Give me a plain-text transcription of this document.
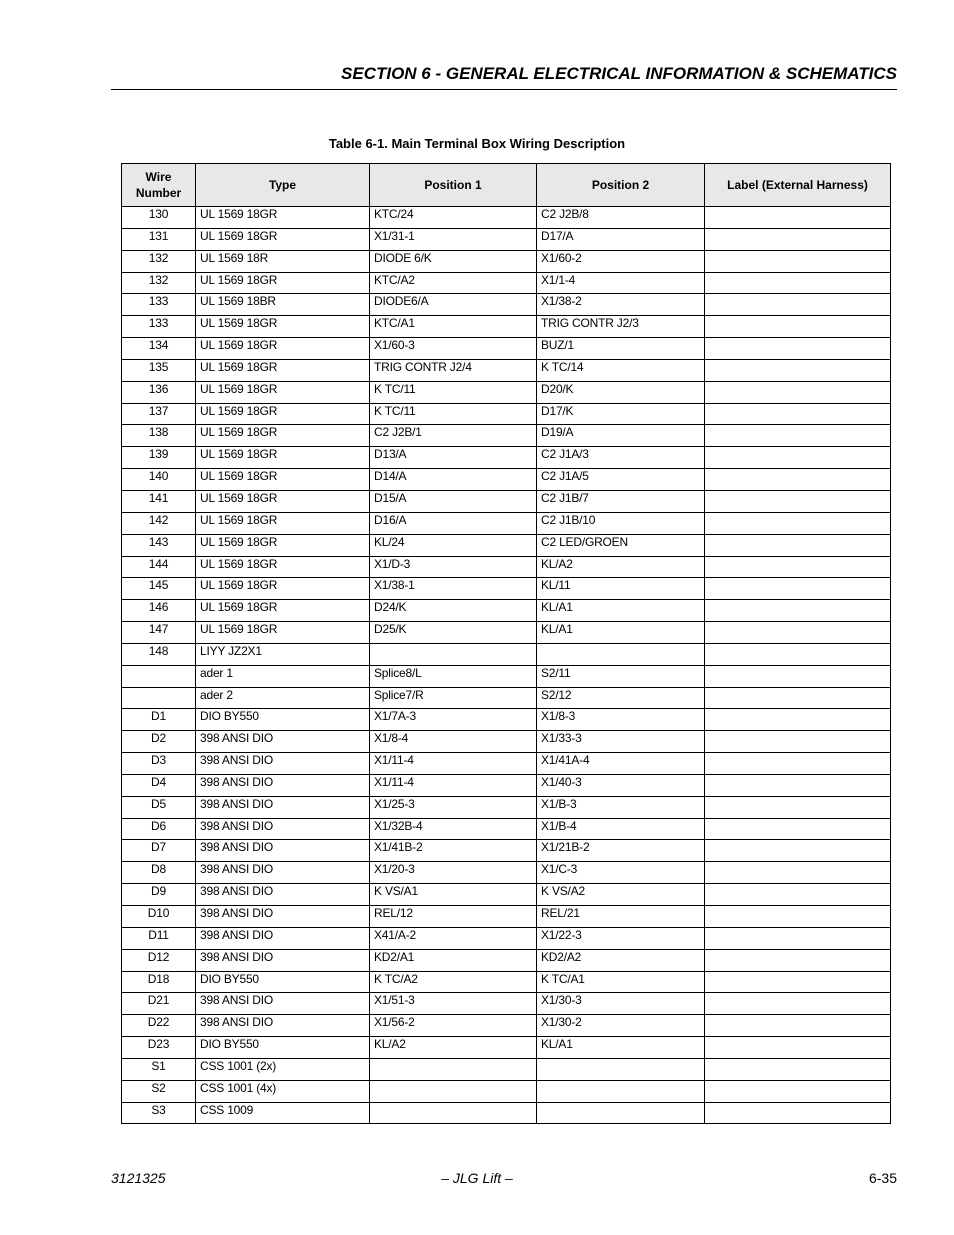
SECTION 6 - GENERAL ELECTRICAL INFORMATION & SCHEMATICS
Table 6-1. Main Terminal Box Wiring Description
Wire
Number	Type	Position 1	Position 2	Label (External Harness)
130	UL 1569 18GR	KTC/24	C2 J2B/8	
131	UL 1569 18GR	X1/31-1	D17/A	
132	UL 1569 18R	DIODE 6/K	X1/60-2	
132	UL 1569 18GR	KTC/A2	X1/1-4	
133	UL 1569 18BR	DIODE6/A	X1/38-2	
133	UL 1569 18GR	KTC/A1	TRIG CONTR J2/3	
134	UL 1569 18GR	X1/60-3	BUZ/1	
135	UL 1569 18GR	TRIG CONTR J2/4	K TC/14	
136	UL 1569 18GR	K TC/11	D20/K	
137	UL 1569 18GR	K TC/11	D17/K	
138	UL 1569 18GR	C2 J2B/1	D19/A	
139	UL 1569 18GR	D13/A	C2 J1A/3	
140	UL 1569 18GR	D14/A	C2 J1A/5	
141	UL 1569 18GR	D15/A	C2 J1B/7	
142	UL 1569 18GR	D16/A	C2 J1B/10	
143	UL 1569 18GR	KL/24	C2 LED/GROEN	
144	UL 1569 18GR	X1/D-3	KL/A2	
145	UL 1569 18GR	X1/38-1	KL/11	
146	UL 1569 18GR	D24/K	KL/A1	
147	UL 1569 18GR	D25/K	KL/A1	
148	LIYY JZ2X1			
	ader 1	Splice8/L	S2/11	
	ader 2	Splice7/R	S2/12	
D1	DIO BY550	X1/7A-3	X1/8-3	
D2	398 ANSI DIO	X1/8-4	X1/33-3	
D3	398 ANSI DIO	X1/11-4	X1/41A-4	
D4	398 ANSI DIO	X1/11-4	X1/40-3	
D5	398 ANSI DIO	X1/25-3	X1/B-3	
D6	398 ANSI DIO	X1/32B-4	X1/B-4	
D7	398 ANSI DIO	X1/41B-2	X1/21B-2	
D8	398 ANSI DIO	X1/20-3	X1/C-3	
D9	398 ANSI DIO	K VS/A1	K VS/A2	
D10	398 ANSI DIO	REL/12	REL/21	
D11	398 ANSI DIO	X41/A-2	X1/22-3	
D12	398 ANSI DIO	KD2/A1	KD2/A2	
D18	DIO BY550	K TC/A2	K TC/A1	
D21	398 ANSI DIO	X1/51-3	X1/30-3	
D22	398 ANSI DIO	X1/56-2	X1/30-2	
D23	DIO BY550	KL/A2	KL/A1	
S1	CSS 1001 (2x)			
S2	CSS 1001 (4x)			
S3	CSS 1009			
3121325	– JLG Lift –	6-35
